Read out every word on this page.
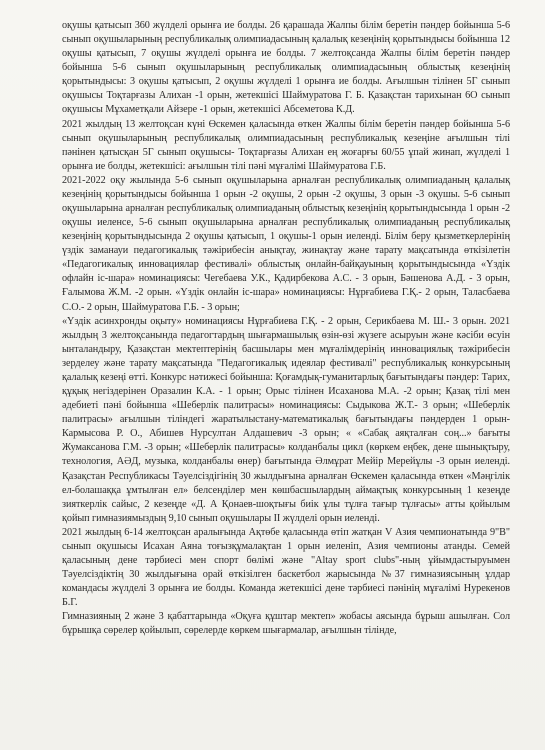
оқушы қатысып 360 жүлделі орынға ие болды. 26 қарашада Жалпы білім беретін пәндер бойынша 5-6 сынып оқушыларының республикалық олимпиадасының қалалық кезеңінің қорытындысы бойынша 12 оқушы қатысып, 7 оқушы жүлделі орынға ие болды. 7 желтоқсанда Жалпы білім беретін пәндер бойынша 5-6 сынып оқушыларының республикалық олимпиадасының облыстық кезеңінің қорытындысы: 3 оқушы қатысып, 2 оқушы жүлделі 1 орынға ие болды. Ағылшын тілінен 5Г сынып оқушысы Тоқтарғазы Алихан -1 орын, жетекшісі Шаймуратова Г. Б. Қазақстан тарихынан 6О сынып оқушысы Мұхаметқали Айзере -1 орын, жетекшісі Абсеметова К.Д.

2021 жылдың 13 желтоқсан күні Өскемен қаласында өткен Жалпы білім беретін пәндер бойынша 5-6 сынып оқушыларының республикалық олимпиадасының республикалық кезеңіне ағылшын тілі пәнінен қатысқан 5Г сынып оқушысы- Тоқтарғазы Алихан ең жоғарғы 60/55 ұпай жинап, жүлделі 1 орынға ие болды, жетекшісі: ағылшын тілі пәні мұғалімі Шаймуратова Г.Б.

2021-2022 оқу жылында 5-6 сынып оқушыларына арналған республикалық олимпиаданың қалалық кезеңінің қорытындысы бойынша 1 орын -2 оқушы, 2 орын -2 оқушы, 3 орын -3 оқушы. 5-6 сынып оқушыларына арналған республикалық олимпиаданың облыстық кезеңінің қорытындысында 1 орын -2 оқушы иеленсе, 5-6 сынып оқушыларына арналған республикалық олимпиаданың республикалық кезеңінің қорытындысында 2 оқушы қатысып, 1 оқушы-1 орын иеленді. Білім беру қызметкерлерінің үздік заманауи педагогикалық тәжірибесін анықтау, жинақтау және тарату мақсатында өткізілетін «Педагогикалық инновациялар фестивалі» облыстық онлайн-байқауының қорытындысында «Үздік офлайн іс-шара» номинациясы: Чегебаева У.К., Қадирбекова А.С. - 3 орын, Бәшенова А.Д. - 3 орын, Ғалымова Ж.М. -2 орын. «Үздік онлайн іс-шара» номинациясы: Нұрғабиева Г.Қ.- 2 орын, Таласбаева С.О.- 2 орын, Шаймуратова Г.Б. - 3 орын;

«Үздік асинхронды оқыту» номинациясы Нұрғабиева Г.Қ. - 2 орын, Серикбаева М. Ш.- 3 орын. 2021 жылдың 3 желтоқсанында педагогтардың шығармашылық өзін-өзі жүзеге асыруын және кәсіби өсуін ынталандыру, Қазақстан мектептерінің басшылары мен мұғалімдерінің инновациялық тәжірибесін зерделеу және тарату мақсатында "Педагогикалық идеялар фестивалі" республикалық конкурсының қалалық кезеңі өтті. Конкурс нәтижесі бойынша: Қоғамдық-гуманитарлық бағытындағы пәндер: Тарих, құқық негіздерінен Оразалин К.А. - 1 орын; Орыс тілінен Исаханова М.А. -2 орын; Қазақ тілі мен әдебиеті пәні бойынша «Шеберлік палитрасы» номинациясы: Сыдыкова Ж.Т.- 3 орын; «Шеберлік палитрасы» ағылшын тіліндегі жаратылыстану-математикалық бағытындағы пәндерден 1 орын- Кармысова Р. О., Абишев Нурсултан Алдашевич -3 орын; « «Сабақ аяқталған соң...» бағыты Жумаксанова Г.М. -3 орын; «Шеберлік палитрасы» колданбалы цикл (көркем еңбек, дене шынықтыру, технология, АӘД, музыка, колданбалы өнер) бағытында Әлмұрат Мейір Мерейұлы -3 орын иеленді. Қазақстан Республикасы Тәуелсіздігінің 30 жылдығына арналған Өскемен қаласында өткен «Мәңгілік ел-болашаққа ұмтылған ел» белсенділер мен көшбасшылардың аймақтық конкурсының 1 кезеңде зияткерлік сайыс, 2 кезеңде «Д. А Қонаев-шоқтығы биік ұлы тұлға тағыр тұлғасы» атты қойылым қойып гимназиямыздың 9,10 сынып оқушылары ІІ жүлделі орын иеленді.

2021 жылдың 6-14 желтоқсан аралығында Ақтөбе қаласында өтіп жатқан V Азия чемпионатында 9"В" сынып оқушысы Исахан Аяна тоғызқұмалақтан 1 орын иеленіп, Азия чемпионы атанды. Семей қаласының дене тәрбиесі мен спорт бөлімі және "Altay sport clubs"-ның ұйымдастыруымен Тәуелсіздіктің 30 жылдығына орай өткізілген баскетбол жарысында №37 гимназиясының ұлдар командасы жүлделі 3 орынға ие болды. Команда жетекшісі дене тәрбиесі пәнінің мұғалімі Нурекенов Б.Г.

Гимназияның 2 және 3 қабаттарында «Оқуға құштар мектеп» жобасы аясында бұрыш ашылған. Сол бұрышқа сөрелер қойылып, сөрелерде көркем шығармалар, ағылшын тілінде,
